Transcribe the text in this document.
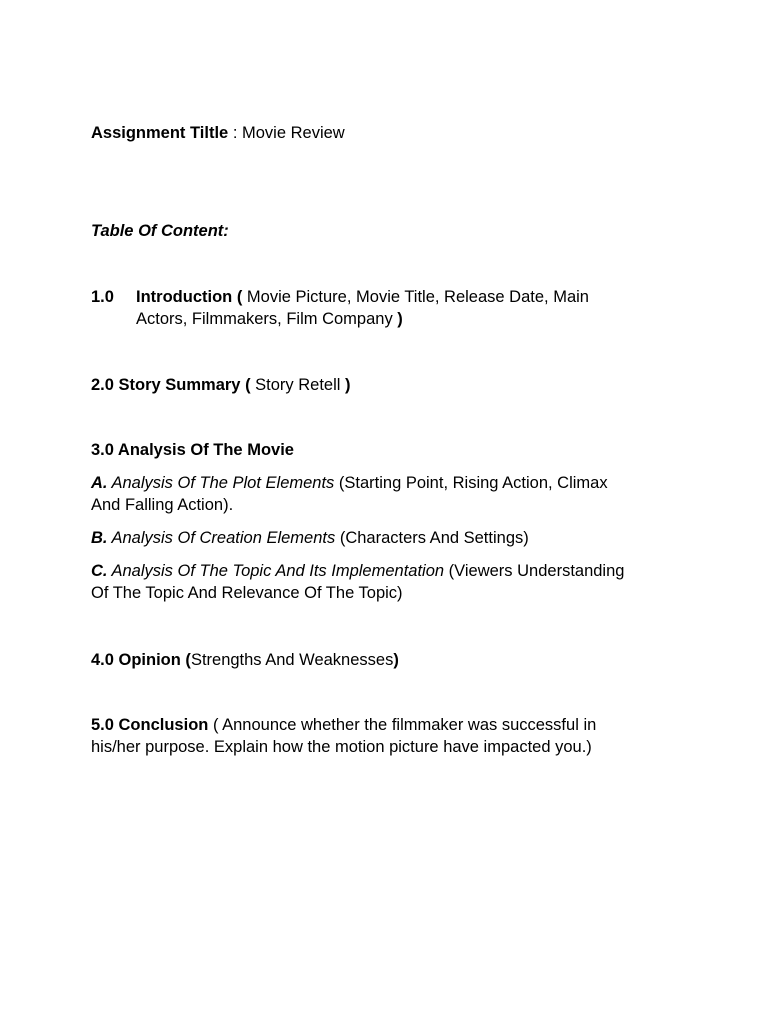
Assignment Tiltle : Movie Review
Table Of Content:
1.0 Introduction ( Movie Picture, Movie Title, Release Date, Main
Actors, Filmmakers, Film Company )
2.0 Story Summary ( Story Retell )
3.0 Analysis Of The Movie
A. Analysis Of The Plot Elements (Starting Point, Rising Action, Climax
And Falling Action).
B. Analysis Of Creation Elements (Characters And Settings)
C. Analysis Of The Topic And Its Implementation (Viewers Understanding
Of The Topic And Relevance Of The Topic)
4.0 Opinion (Strengths And Weaknesses)
5.0 Conclusion ( Announce whether the filmmaker was successful in
his/her purpose. Explain how the motion picture have impacted you.)
